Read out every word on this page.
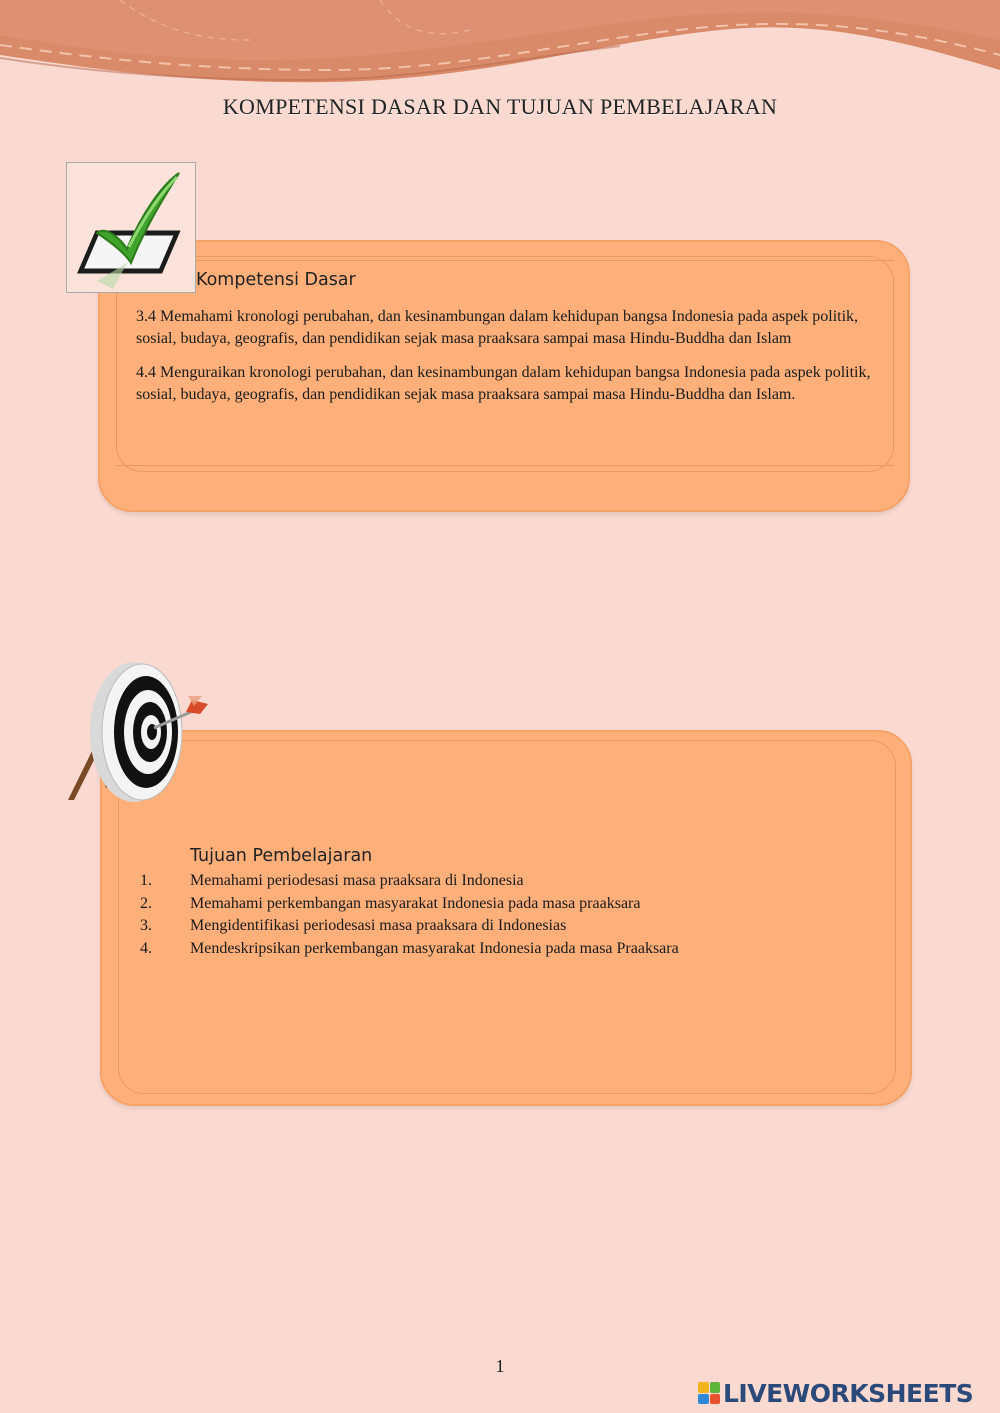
KOMPETENSI DASAR DAN TUJUAN PEMBELAJARAN
Kompetensi Dasar

3.4 Memahami kronologi perubahan, dan kesinambungan dalam kehidupan bangsa Indonesia pada aspek politik, sosial, budaya, geografis, dan pendidikan sejak masa praaksara sampai masa Hindu-Buddha dan Islam

4.4 Menguraikan kronologi perubahan, dan kesinambungan dalam kehidupan bangsa Indonesia pada aspek politik, sosial, budaya, geografis, dan pendidikan sejak masa praaksara sampai masa Hindu-Buddha dan Islam.

Tujuan Pembelajaran
1.	Memahami periodesasi masa praaksara di Indonesia
2.	Memahami perkembangan masyarakat Indonesia pada masa praaksara
3.	Mengidentifikasi periodesasi masa praaksara di Indonesias
4.	Mendeskripsikan perkembangan masyarakat Indonesia pada masa Praaksara
1
LIVEWORKSHEETS
